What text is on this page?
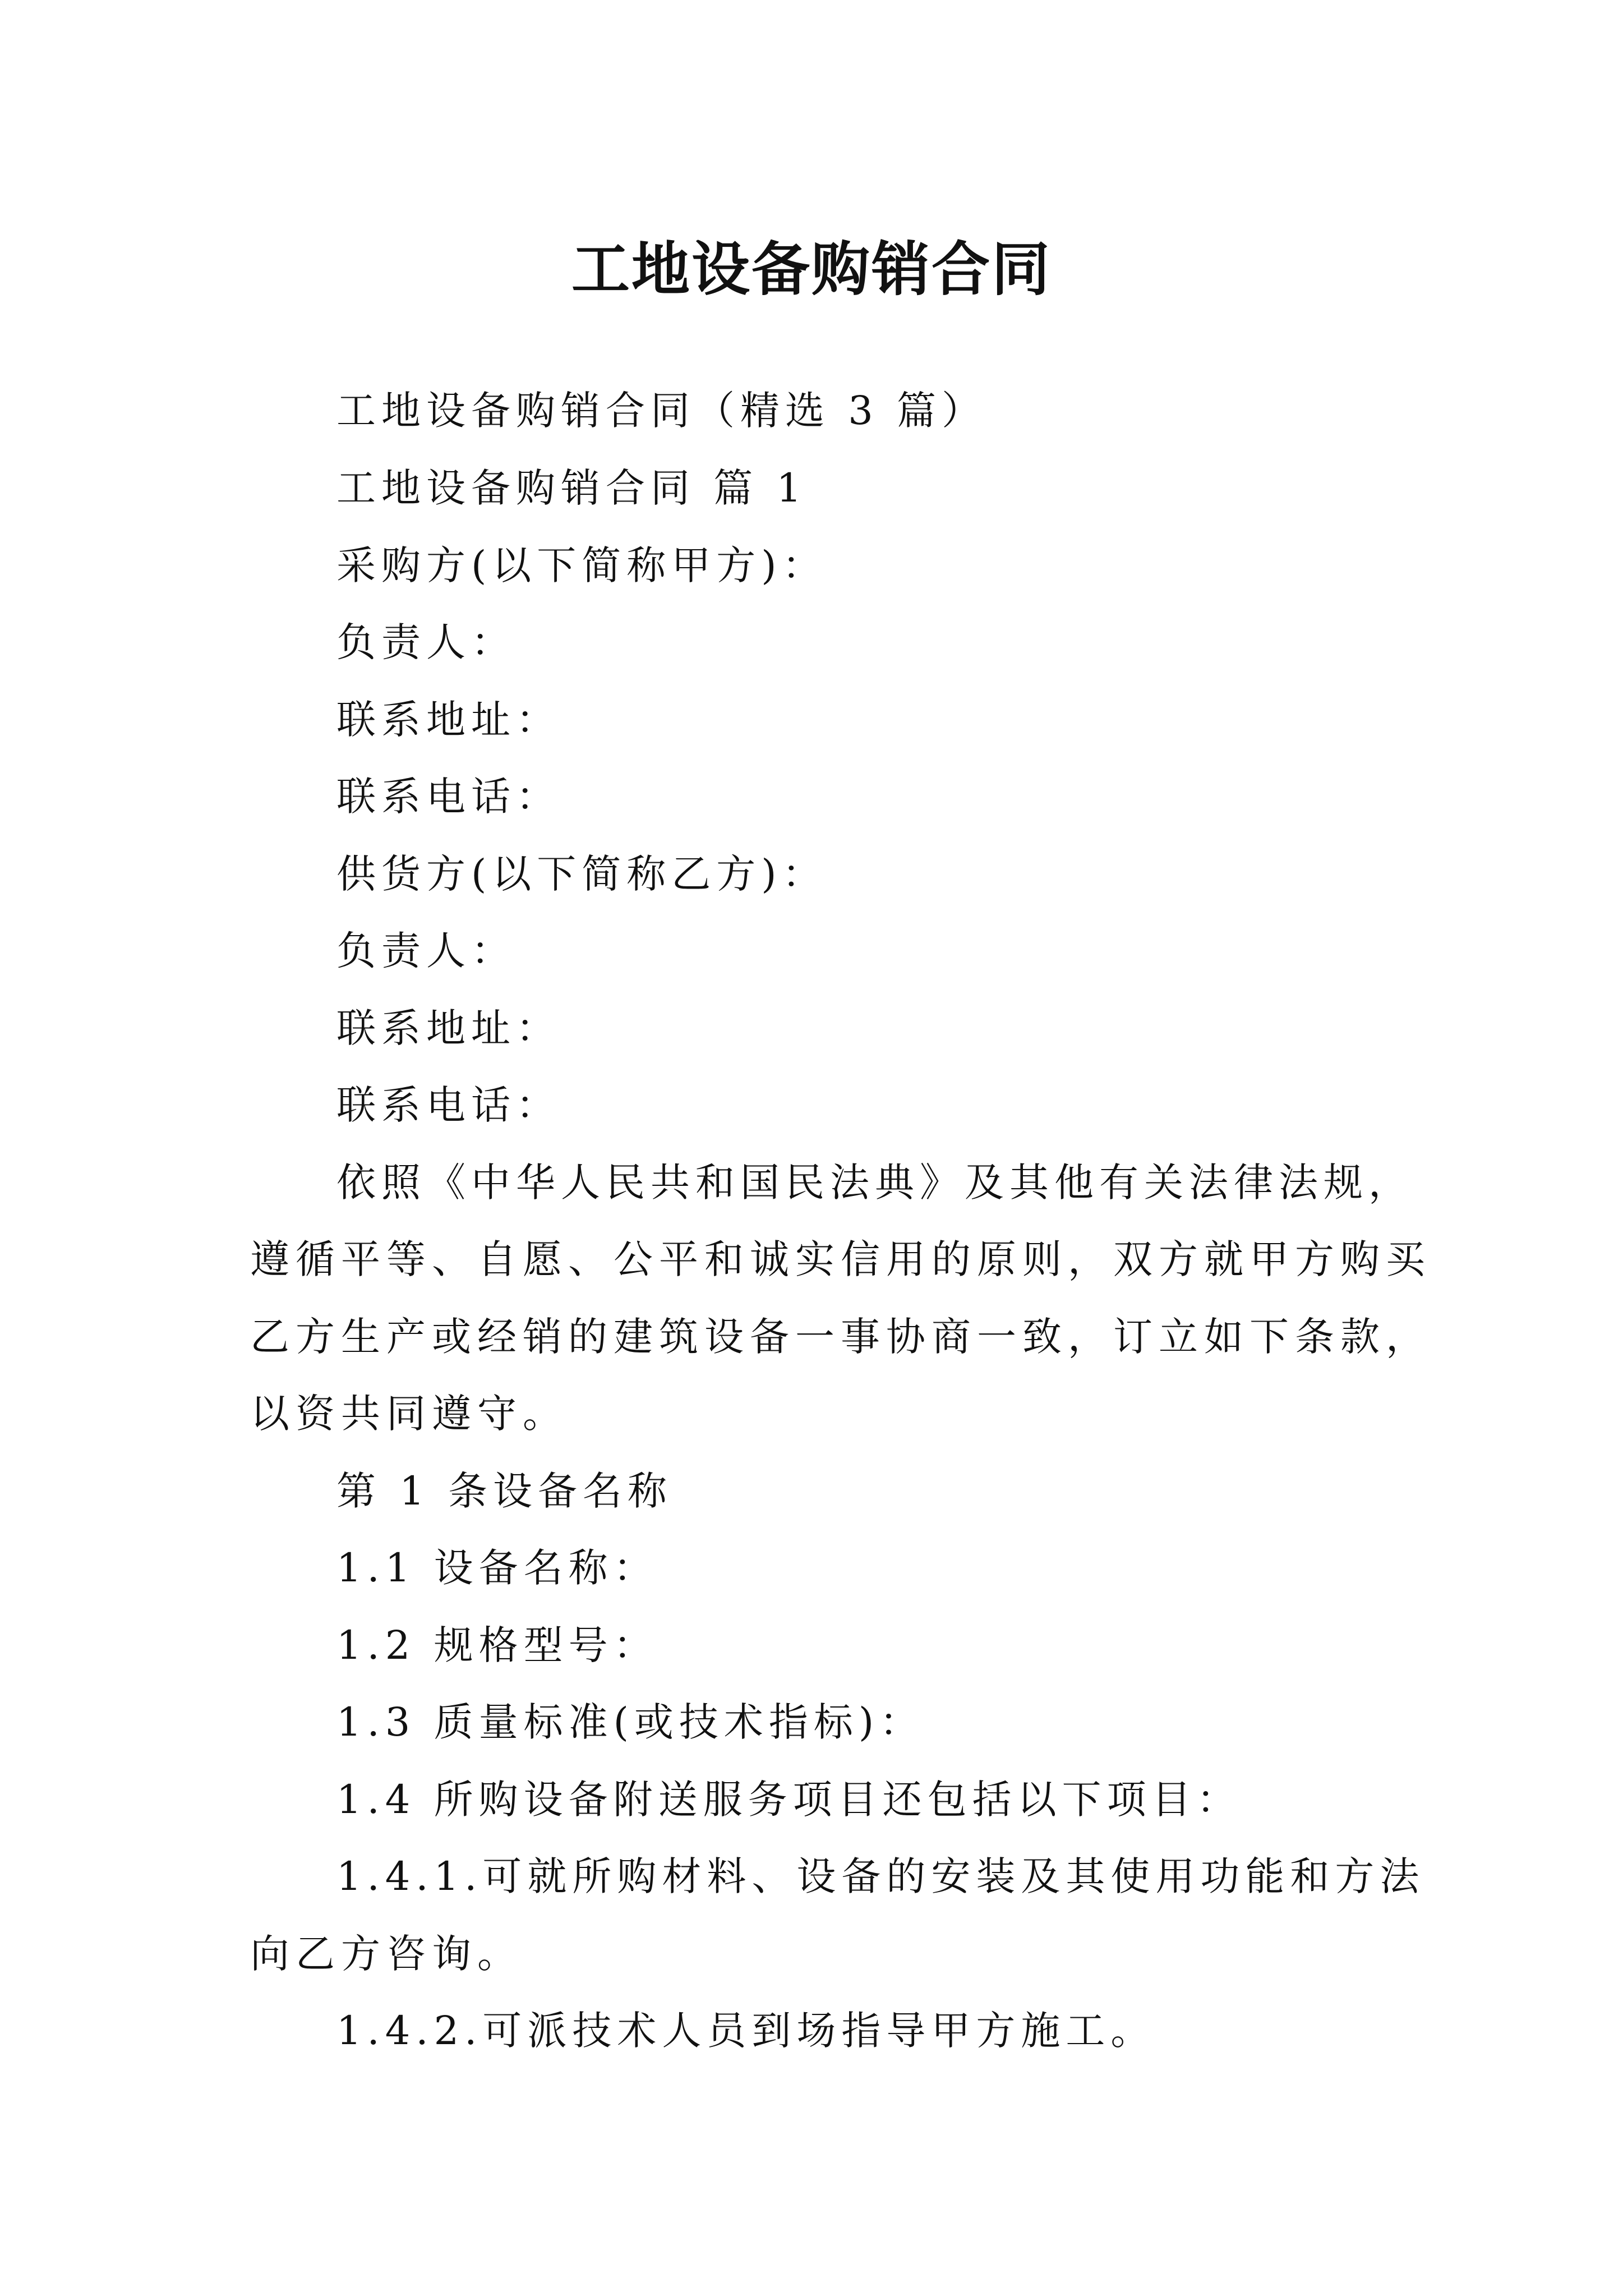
工地设备购销合同
工地设备购销合同（精选 3 篇）
工地设备购销合同 篇 1
采购方(以下简称甲方)：
负责人：
联系地址：
联系电话：
供货方(以下简称乙方)：
负责人：
联系地址：
联系电话：
依照《中华人民共和国民法典》及其他有关法律法规，
遵循平等、自愿、公平和诚实信用的原则，双方就甲方购买
乙方生产或经销的建筑设备一事协商一致，订立如下条款，
以资共同遵守。
第 1 条设备名称
1.1 设备名称：
1.2 规格型号：
1.3 质量标准(或技术指标)：
1.4 所购设备附送服务项目还包括以下项目：
1.4.1.可就所购材料、设备的安装及其使用功能和方法
向乙方咨询。
1.4.2.可派技术人员到场指导甲方施工。
